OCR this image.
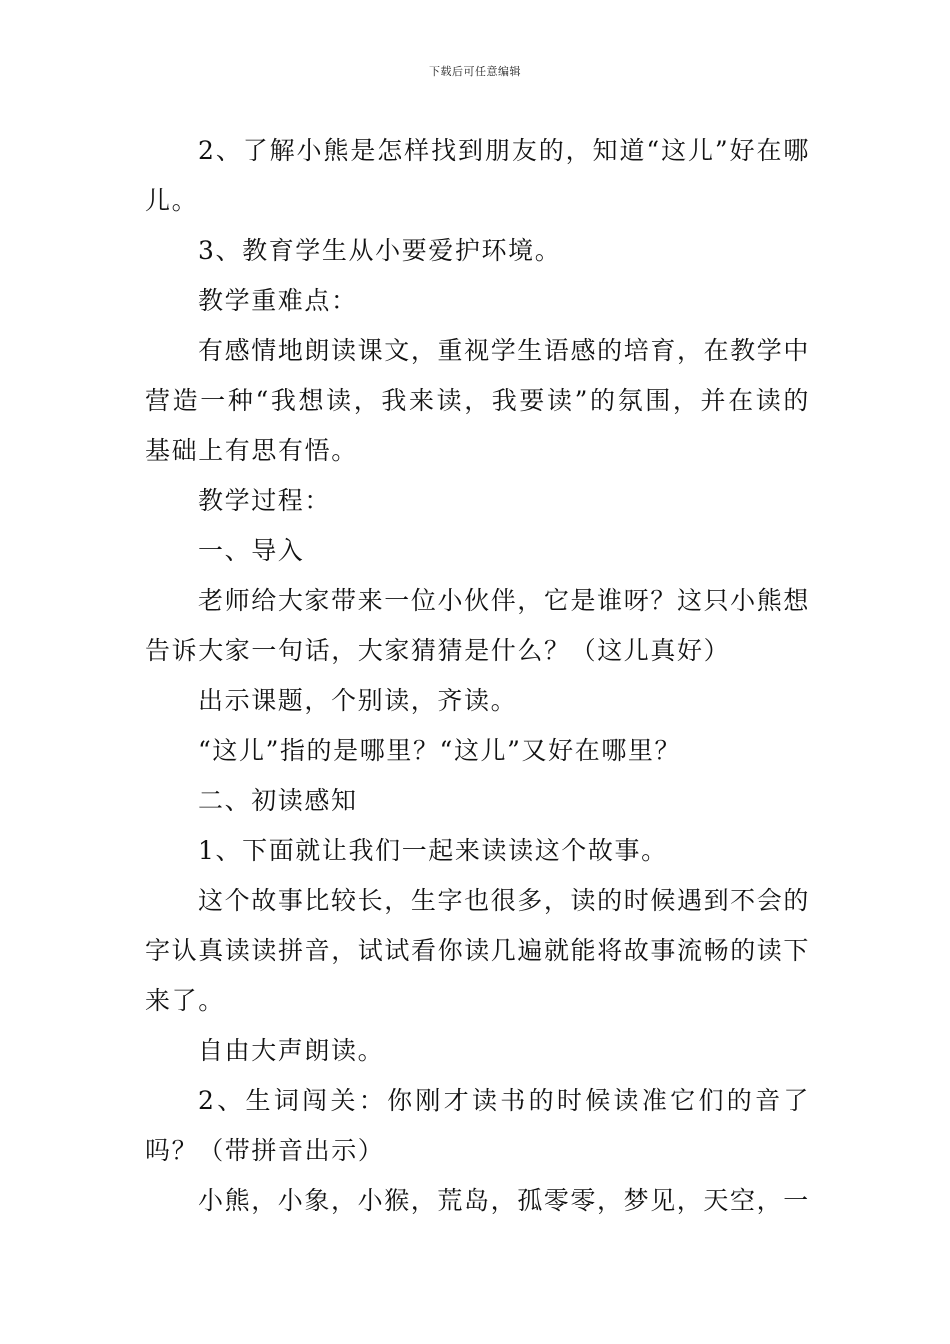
下载后可任意编辑

2、了解小熊是怎样找到朋友的，知道“这儿”好在哪儿。

3、教育学生从小要爱护环境。

教学重难点：

有感情地朗读课文，重视学生语感的培育，在教学中营造一种“我想读，我来读，我要读”的氛围，并在读的基础上有思有悟。

教学过程：

一、导入

老师给大家带来一位小伙伴，它是谁呀？这只小熊想告诉大家一句话，大家猜猜是什么？（这儿真好）

出示课题，个别读，齐读。

“这儿”指的是哪里？“这儿”又好在哪里？

二、初读感知

1、下面就让我们一起来读读这个故事。

这个故事比较长，生字也很多，读的时候遇到不会的字认真读读拼音，试试看你读几遍就能将故事流畅的读下来了。

自由大声朗读。

2、生词闯关：你刚才读书的时候读准它们的音了吗？（带拼音出示）

小熊，小象，小猴，荒岛，孤零零，梦见，天空，一
